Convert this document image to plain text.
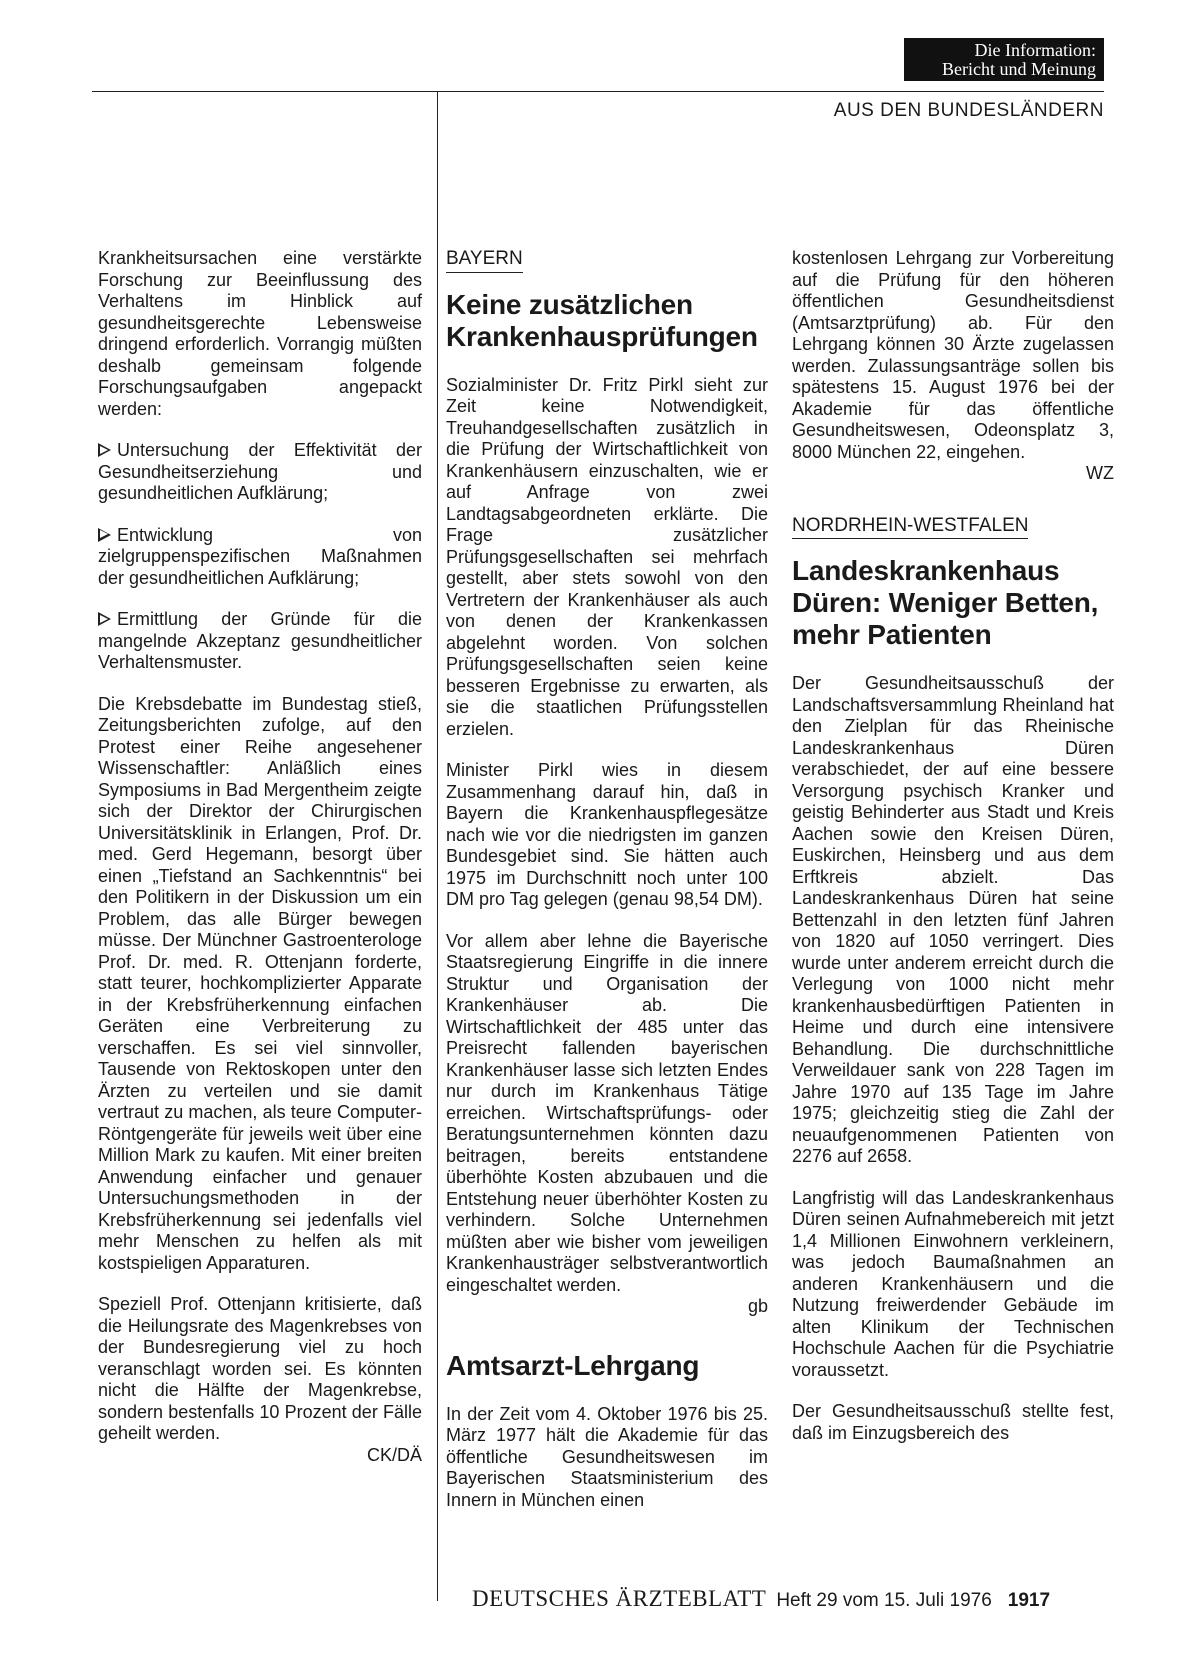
Die Information:
Bericht und Meinung
AUS DEN BUNDESLÄNDERN

Krankheitsursachen eine verstärkte Forschung zur Beeinflussung des Verhaltens im Hinblick auf gesundheitsgerechte Lebensweise dringend erforderlich. Vorrangig müßten deshalb gemeinsam folgende Forschungsaufgaben angepackt werden:

Untersuchung der Effektivität der Gesundheitserziehung und gesundheitlichen Aufklärung;

Entwicklung von zielgruppenspezifischen Maßnahmen der gesundheitlichen Aufklärung;

Ermittlung der Gründe für die mangelnde Akzeptanz gesundheitlicher Verhaltensmuster.

Die Krebsdebatte im Bundestag stieß, Zeitungsberichten zufolge, auf den Protest einer Reihe angesehener Wissenschaftler: Anläßlich eines Symposiums in Bad Mergentheim zeigte sich der Direktor der Chirurgischen Universitätsklinik in Erlangen, Prof. Dr. med. Gerd Hegemann, besorgt über einen „Tiefstand an Sachkenntnis“ bei den Politikern in der Diskussion um ein Problem, das alle Bürger bewegen müsse. Der Münchner Gastroenterologe Prof. Dr. med. R. Ottenjann forderte, statt teurer, hochkomplizierter Apparate in der Krebsfrüherkennung einfachen Geräten eine Verbreiterung zu verschaffen. Es sei viel sinnvoller, Tausende von Rektoskopen unter den Ärzten zu verteilen und sie damit vertraut zu machen, als teure Computer-Röntgengeräte für jeweils weit über eine Million Mark zu kaufen. Mit einer breiten Anwendung einfacher und genauer Untersuchungsmethoden in der Krebsfrüherkennung sei jedenfalls viel mehr Menschen zu helfen als mit kostspieligen Apparaturen.

Speziell Prof. Ottenjann kritisierte, daß die Heilungsrate des Magenkrebses von der Bundesregierung viel zu hoch veranschlagt worden sei. Es könnten nicht die Hälfte der Magenkrebse, sondern bestenfalls 10 Prozent der Fälle geheilt werden.

CK/DÄ
BAYERN
Keine zusätzlichen Krankenhausprüfungen

Sozialminister Dr. Fritz Pirkl sieht zur Zeit keine Notwendigkeit, Treuhandgesellschaften zusätzlich in die Prüfung der Wirtschaftlichkeit von Krankenhäusern einzuschalten, wie er auf Anfrage von zwei Landtagsabgeordneten erklärte. Die Frage zusätzlicher Prüfungsgesellschaften sei mehrfach gestellt, aber stets sowohl von den Vertretern der Krankenhäuser als auch von denen der Krankenkassen abgelehnt worden. Von solchen Prüfungsgesellschaften seien keine besseren Ergebnisse zu erwarten, als sie die staatlichen Prüfungsstellen erzielen.

Minister Pirkl wies in diesem Zusammenhang darauf hin, daß in Bayern die Krankenhauspflegesätze nach wie vor die niedrigsten im ganzen Bundesgebiet sind. Sie hätten auch 1975 im Durchschnitt noch unter 100 DM pro Tag gelegen (genau 98,54 DM).

Vor allem aber lehne die Bayerische Staatsregierung Eingriffe in die innere Struktur und Organisation der Krankenhäuser ab. Die Wirtschaftlichkeit der 485 unter das Preisrecht fallenden bayerischen Krankenhäuser lasse sich letzten Endes nur durch im Krankenhaus Tätige erreichen. Wirtschaftsprüfungs- oder Beratungsunternehmen könnten dazu beitragen, bereits entstandene überhöhte Kosten abzubauen und die Entstehung neuer überhöhter Kosten zu verhindern. Solche Unternehmen müßten aber wie bisher vom jeweiligen Krankenhausträger selbstverantwortlich eingeschaltet werden.

gb
Amtsarzt-Lehrgang

In der Zeit vom 4. Oktober 1976 bis 25. März 1977 hält die Akademie für das öffentliche Gesundheitswesen im Bayerischen Staatsministerium des Innern in München einen

kostenlosen Lehrgang zur Vorbereitung auf die Prüfung für den höheren öffentlichen Gesundheitsdienst (Amtsarztprüfung) ab. Für den Lehrgang können 30 Ärzte zugelassen werden. Zulassungsanträge sollen bis spätestens 15. August 1976 bei der Akademie für das öffentliche Gesundheitswesen, Odeonsplatz 3, 8000 München 22, eingehen.

WZ
NORDRHEIN-WESTFALEN
Landeskrankenhaus Düren: Weniger Betten, mehr Patienten

Der Gesundheitsausschuß der Landschaftsversammlung Rheinland hat den Zielplan für das Rheinische Landeskrankenhaus Düren verabschiedet, der auf eine bessere Versorgung psychisch Kranker und geistig Behinderter aus Stadt und Kreis Aachen sowie den Kreisen Düren, Euskirchen, Heinsberg und aus dem Erftkreis abzielt. Das Landeskrankenhaus Düren hat seine Bettenzahl in den letzten fünf Jahren von 1820 auf 1050 verringert. Dies wurde unter anderem erreicht durch die Verlegung von 1000 nicht mehr krankenhausbedürftigen Patienten in Heime und durch eine intensivere Behandlung. Die durchschnittliche Verweildauer sank von 228 Tagen im Jahre 1970 auf 135 Tage im Jahre 1975; gleichzeitig stieg die Zahl der neuaufgenommenen Patienten von 2276 auf 2658.

Langfristig will das Landeskrankenhaus Düren seinen Aufnahmebereich mit jetzt 1,4 Millionen Einwohnern verkleinern, was jedoch Baumaßnahmen an anderen Krankenhäusern und die Nutzung freiwerdender Gebäude im alten Klinikum der Technischen Hochschule Aachen für die Psychiatrie voraussetzt.

Der Gesundheitsausschuß stellte fest, daß im Einzugsbereich des

DEUTSCHES ÄRZTEBLATT Heft 29 vom 15. Juli 1976 1917
